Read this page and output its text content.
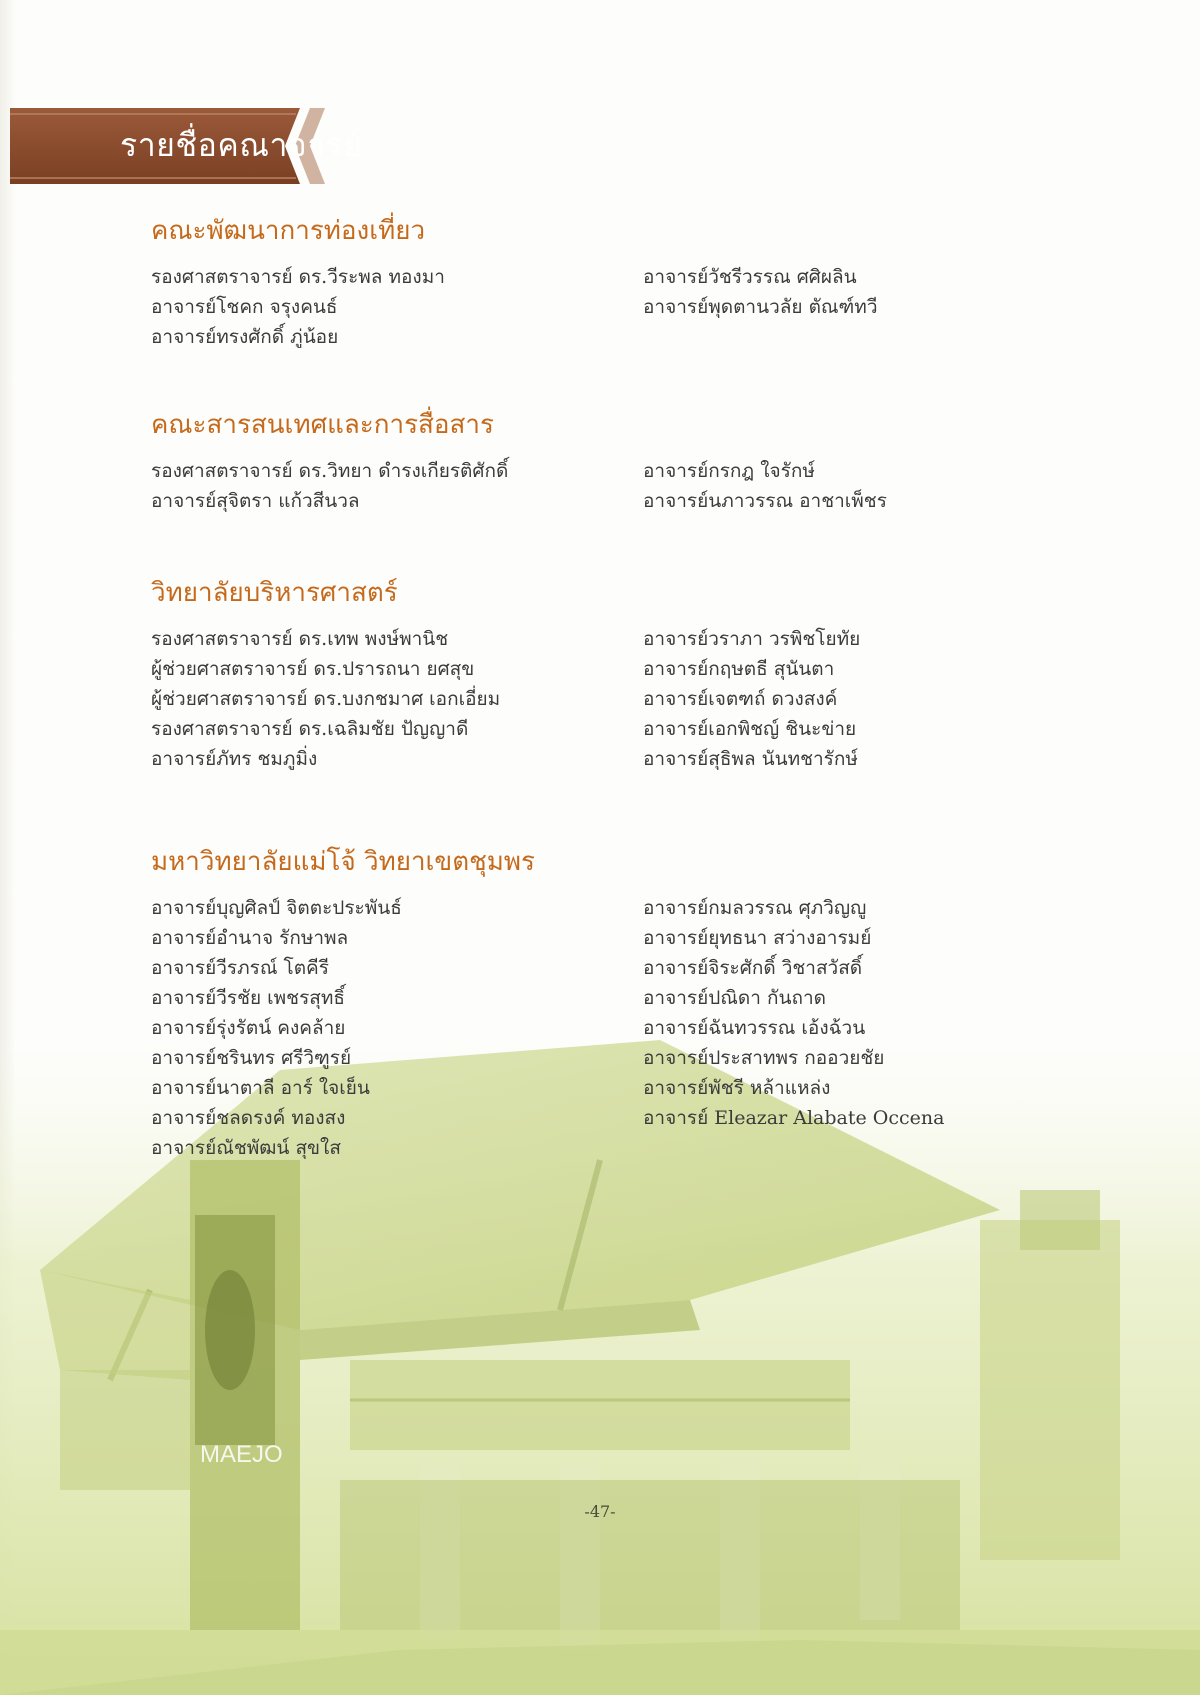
MAEJO
รายชื่อคณาจารย์
คณะพัฒนาการท่องเที่ยว
รองศาสตราจารย์ ดร.วีระพล ทองมา
อาจารย์โชคก จรุงคนธ์
อาจารย์ทรงศักดิ์ ภู่น้อย
อาจารย์วัชรีวรรณ ศศิผลิน
อาจารย์พุดตานวลัย ตัณฑ์ทวี
คณะสารสนเทศและการสื่อสาร
รองศาสตราจารย์ ดร.วิทยา ดำรงเกียรติศักดิ์
อาจารย์สุจิตรา แก้วสีนวล
อาจารย์กรกฎ ใจรักษ์
อาจารย์นภาวรรณ อาชาเพ็ชร
วิทยาลัยบริหารศาสตร์
รองศาสตราจารย์ ดร.เทพ พงษ์พานิช
ผู้ช่วยศาสตราจารย์ ดร.ปรารถนา ยศสุข
ผู้ช่วยศาสตราจารย์ ดร.บงกชมาศ เอกเอี่ยม
รองศาสตราจารย์ ดร.เฉลิมชัย ปัญญาดี
อาจารย์ภัทร ชมภูมิ่ง
อาจารย์วราภา วรพิชโยทัย
อาจารย์กฤษตธี สุนันตา
อาจารย์เจตฑถ์ ดวงสงค์
อาจารย์เอกพิชญ์ ชินะข่าย
อาจารย์สุธิพล นันทชารักษ์
มหาวิทยาลัยแม่โจ้ วิทยาเขตชุมพร
อาจารย์บุญศิลป์ จิตตะประพันธ์
อาจารย์อำนาจ รักษาพล
อาจารย์วีรภรณ์ โตคีรี
อาจารย์วีรชัย เพชรสุทธิ์
อาจารย์รุ่งรัตน์ คงคล้าย
อาจารย์ชรินทร ศรีวิฑูรย์
อาจารย์นาตาลี อาร์ ใจเย็น
อาจารย์ชลดรงค์ ทองสง
อาจารย์ณัชพัฒน์ สุขใส
อาจารย์กมลวรรณ ศุภวิญญู
อาจารย์ยุทธนา สว่างอารมย์
อาจารย์จิระศักดิ์ วิชาสวัสดิ์
อาจารย์ปณิดา กันถาด
อาจารย์ฉันทวรรณ เอ้งฉ้วน
อาจารย์ประสาทพร กออวยชัย
อาจารย์พัชรี หล้าแหล่ง
อาจารย์ Eleazar Alabate Occena
-47-
